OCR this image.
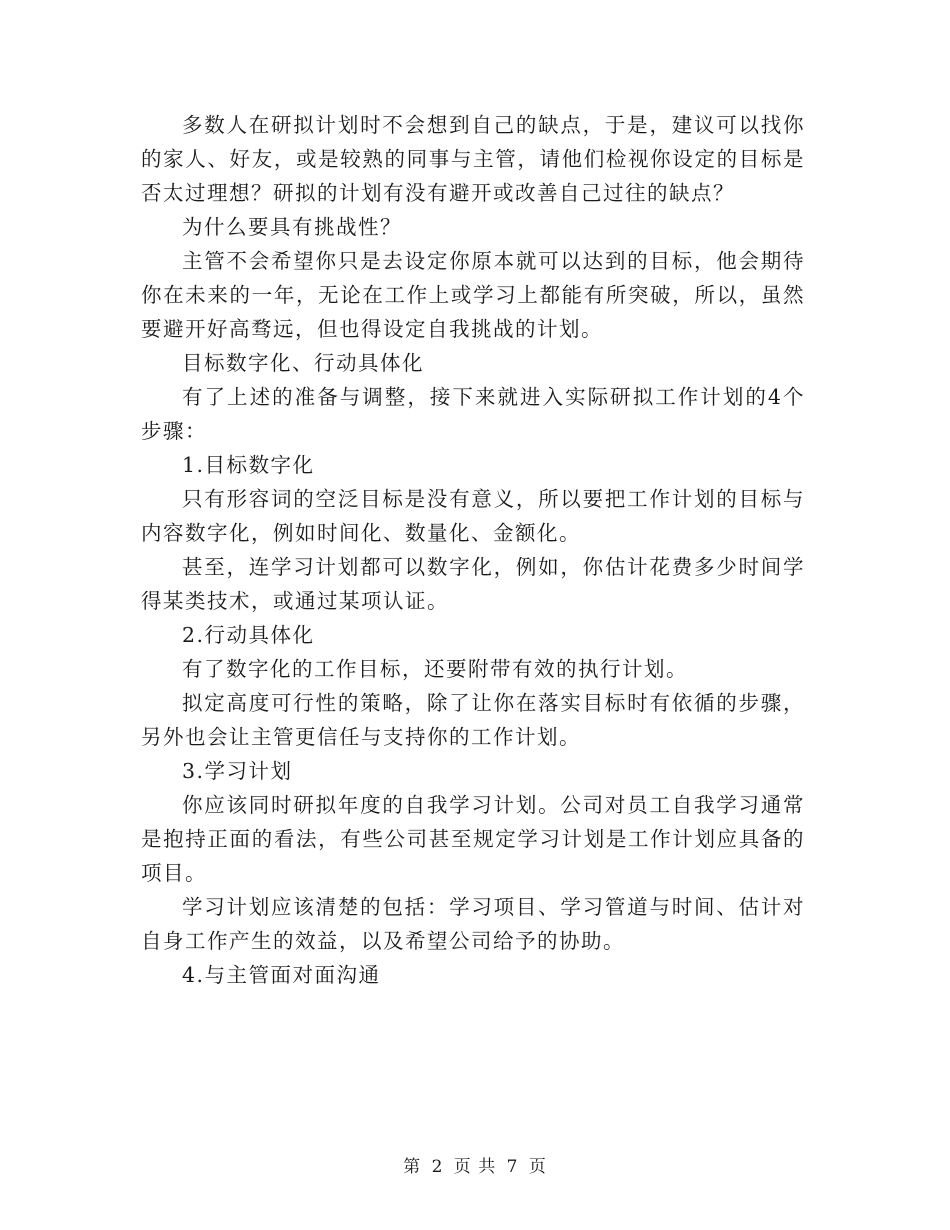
多数人在研拟计划时不会想到自己的缺点，于是，建议可以找你的家人、好友，或是较熟的同事与主管，请他们检视你设定的目标是否太过理想？研拟的计划有没有避开或改善自己过往的缺点？

为什么要具有挑战性？

主管不会希望你只是去设定你原本就可以达到的目标，他会期待你在未来的一年，无论在工作上或学习上都能有所突破，所以，虽然要避开好高骛远，但也得设定自我挑战的计划。

目标数字化、行动具体化

有了上述的准备与调整，接下来就进入实际研拟工作计划的4个步骤：

1.目标数字化

只有形容词的空泛目标是没有意义，所以要把工作计划的目标与内容数字化，例如时间化、数量化、金额化。

甚至，连学习计划都可以数字化，例如，你估计花费多少时间学得某类技术，或通过某项认证。

2.行动具体化

有了数字化的工作目标，还要附带有效的执行计划。

拟定高度可行性的策略，除了让你在落实目标时有依循的步骤，另外也会让主管更信任与支持你的工作计划。

3.学习计划

你应该同时研拟年度的自我学习计划。公司对员工自我学习通常是抱持正面的看法，有些公司甚至规定学习计划是工作计划应具备的项目。

学习计划应该清楚的包括：学习项目、学习管道与时间、估计对自身工作产生的效益，以及希望公司给予的协助。

4.与主管面对面沟通

第 2 页 共 7 页
